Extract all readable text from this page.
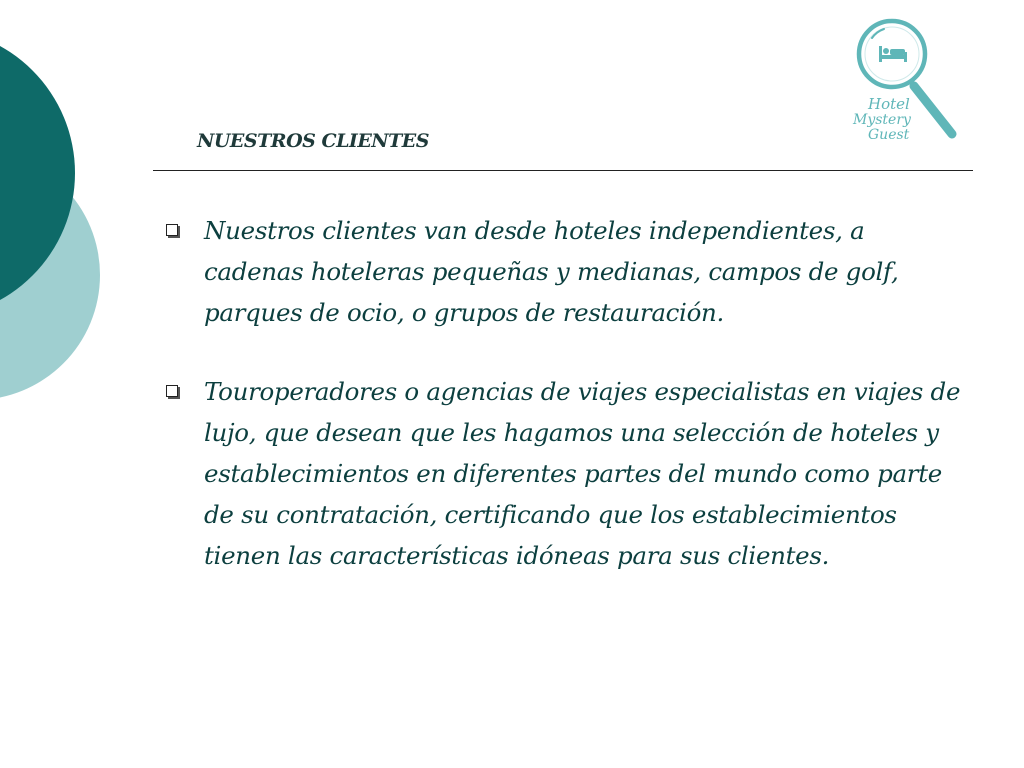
NUESTROS CLIENTES
Hotel
Mystery
Guest
Nuestros clientes van desde hoteles independientes, a cadenas hoteleras pequeñas y medianas, campos de golf, parques de ocio, o grupos de restauración.
Touroperadores o agencias de viajes especialistas en viajes de lujo, que desean que les hagamos una selección de hoteles y establecimientos en diferentes partes del mundo como parte de su contratación, certificando que los establecimientos tienen las características idóneas para sus clientes.
